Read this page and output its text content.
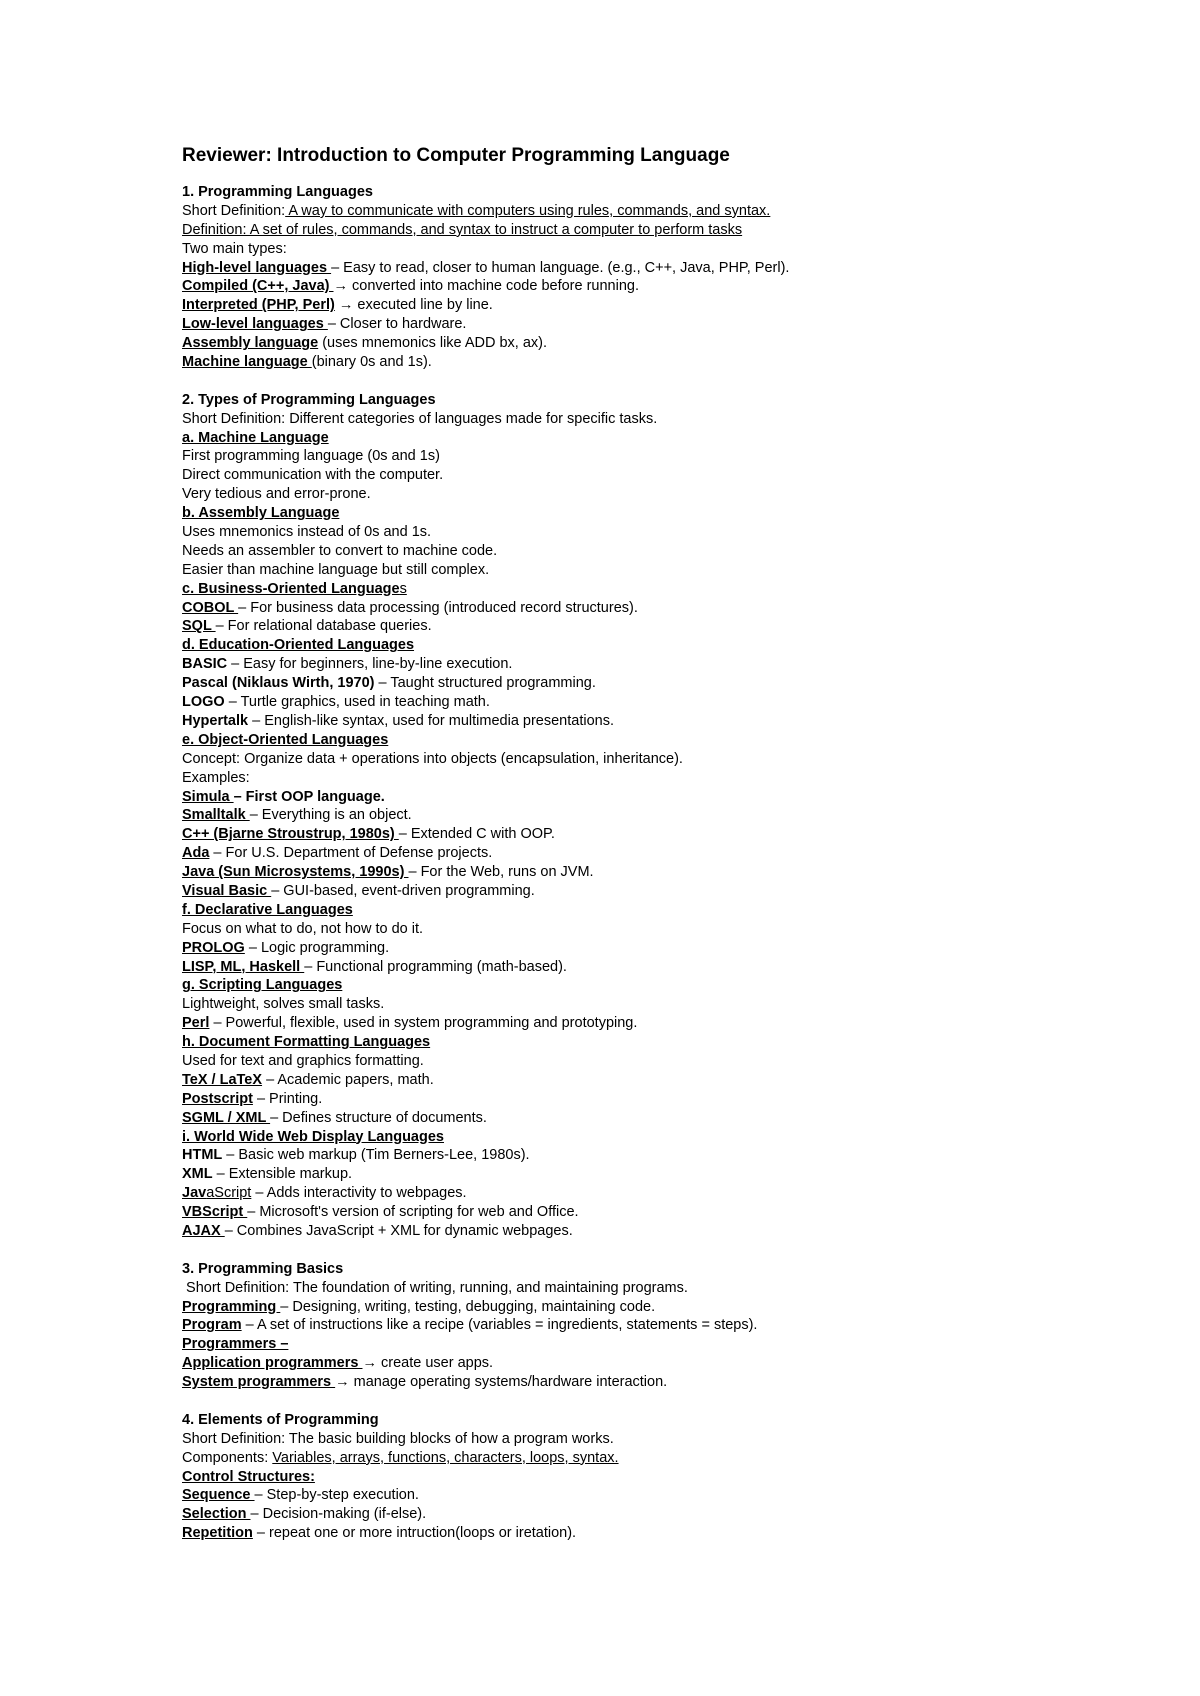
Reviewer: Introduction to Computer Programming Language
1. Programming Languages
Short Definition: A way to communicate with computers using rules, commands, and syntax.
Definition: A set of rules, commands, and syntax to instruct a computer to perform tasks
Two main types:
High-level languages – Easy to read, closer to human language. (e.g., C++, Java, PHP, Perl).
Compiled (C++, Java) → converted into machine code before running.
Interpreted (PHP, Perl) → executed line by line.
Low-level languages – Closer to hardware.
Assembly language (uses mnemonics like ADD bx, ax).
Machine language (binary 0s and 1s).
2. Types of Programming Languages
Short Definition: Different categories of languages made for specific tasks.
a. Machine Language
First programming language (0s and 1s)
Direct communication with the computer.
Very tedious and error-prone.
b. Assembly Language
Uses mnemonics instead of 0s and 1s.
Needs an assembler to convert to machine code.
Easier than machine language but still complex.
c. Business-Oriented Languages
COBOL – For business data processing (introduced record structures).
SQL – For relational database queries.
d. Education-Oriented Languages
BASIC – Easy for beginners, line-by-line execution.
Pascal (Niklaus Wirth, 1970) – Taught structured programming.
LOGO – Turtle graphics, used in teaching math.
Hypertalk – English-like syntax, used for multimedia presentations.
e. Object-Oriented Languages
Concept: Organize data + operations into objects (encapsulation, inheritance).
Examples:
Simula – First OOP language.
Smalltalk – Everything is an object.
C++ (Bjarne Stroustrup, 1980s) – Extended C with OOP.
Ada – For U.S. Department of Defense projects.
Java (Sun Microsystems, 1990s) – For the Web, runs on JVM.
Visual Basic – GUI-based, event-driven programming.
f. Declarative Languages
Focus on what to do, not how to do it.
PROLOG – Logic programming.
LISP, ML, Haskell – Functional programming (math-based).
g. Scripting Languages
Lightweight, solves small tasks.
Perl – Powerful, flexible, used in system programming and prototyping.
h. Document Formatting Languages
Used for text and graphics formatting.
TeX / LaTeX – Academic papers, math.
Postscript – Printing.
SGML / XML – Defines structure of documents.
i. World Wide Web Display Languages
HTML – Basic web markup (Tim Berners-Lee, 1980s).
XML – Extensible markup.
JavaScript – Adds interactivity to webpages.
VBScript – Microsoft's version of scripting for web and Office.
AJAX – Combines JavaScript + XML for dynamic webpages.
3. Programming Basics
Short Definition: The foundation of writing, running, and maintaining programs.
Programming – Designing, writing, testing, debugging, maintaining code.
Program – A set of instructions like a recipe (variables = ingredients, statements = steps).
Programmers –
Application programmers → create user apps.
System programmers → manage operating systems/hardware interaction.
4. Elements of Programming
Short Definition: The basic building blocks of how a program works.
Components: Variables, arrays, functions, characters, loops, syntax.
Control Structures:
Sequence – Step-by-step execution.
Selection – Decision-making (if-else).
Repetition – repeat one or more intruction(loops or iretation).
